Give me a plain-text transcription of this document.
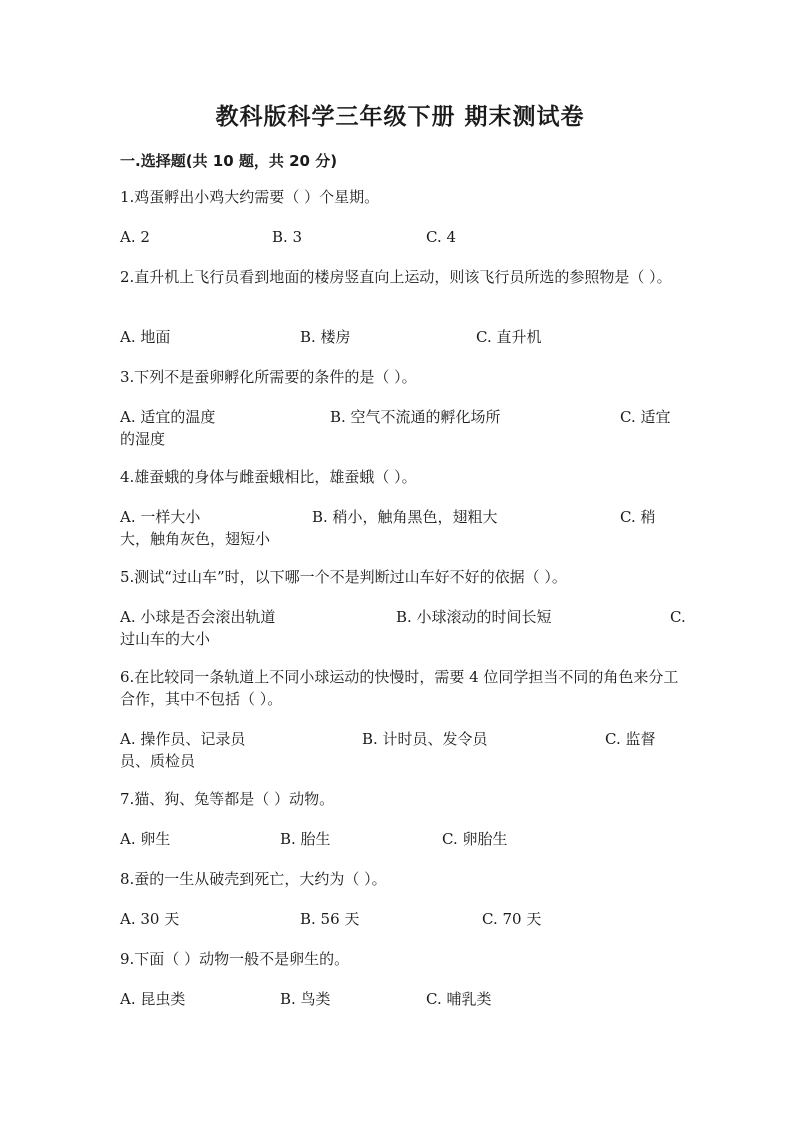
教科版科学三年级下册 期末测试卷
一.选择题(共 10 题，共 20 分)
1.鸡蛋孵出小鸡大约需要（ ）个星期。
A. 2	B. 3	C. 4
2.直升机上飞行员看到地面的楼房竖直向上运动，则该飞行员所选的参照物是（ ）。
A. 地面	B. 楼房	C. 直升机
3.下列不是蚕卵孵化所需要的条件的是（ ）。
A. 适宜的温度	B. 空气不流通的孵化场所	C. 适宜
的湿度
4.雄蚕蛾的身体与雌蚕蛾相比，雄蚕蛾（ ）。
A. 一样大小	B. 稍小，触角黑色，翅粗大	C. 稍
大，触角灰色，翅短小
5.测试“过山车”时，以下哪一个不是判断过山车好不好的依据（ ）。
A. 小球是否会滚出轨道	B. 小球滚动的时间长短	C.
过山车的大小
6.在比较同一条轨道上不同小球运动的快慢时，需要 4 位同学担当不同的角色来分工合作，其中不包括（ ）。
A. 操作员、记录员	B. 计时员、发令员	C. 监督
员、质检员
7.猫、狗、兔等都是（ ）动物。
A. 卵生	B. 胎生	C. 卵胎生
8.蚕的一生从破壳到死亡，大约为（ ）。
A. 30 天	B. 56 天	C. 70 天
9.下面（ ）动物一般不是卵生的。
A. 昆虫类	B. 鸟类	C. 哺乳类
